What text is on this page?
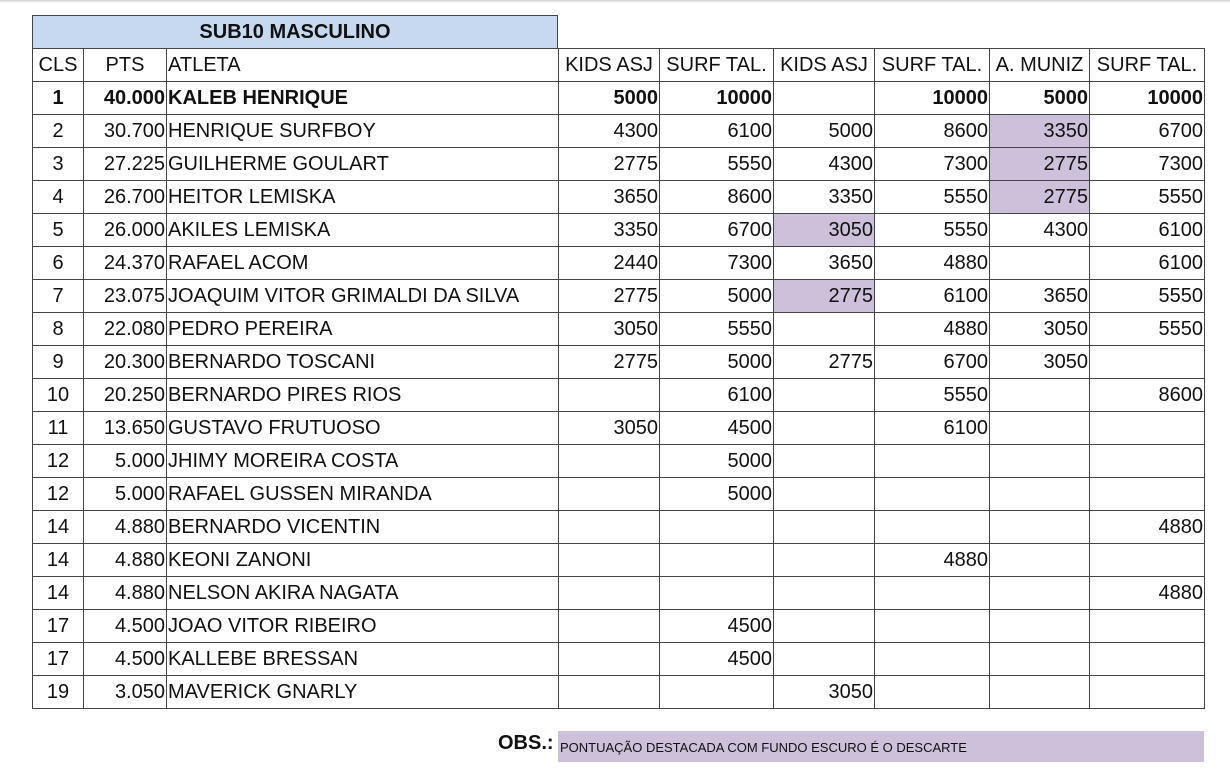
SUB10 MASCULINO
CLS	PTS	ATLETA	KIDS ASJ	SURF TAL.	KIDS ASJ	SURF TAL.	A. MUNIZ	SURF TAL.
1	40.000	KALEB HENRIQUE	5000	10000		10000	5000	10000
2	30.700	HENRIQUE SURFBOY	4300	6100	5000	8600	3350	6700
3	27.225	GUILHERME GOULART	2775	5550	4300	7300	2775	7300
4	26.700	HEITOR LEMISKA	3650	8600	3350	5550	2775	5550
5	26.000	AKILES LEMISKA	3350	6700	3050	5550	4300	6100
6	24.370	RAFAEL ACOM	2440	7300	3650	4880		6100
7	23.075	JOAQUIM VITOR GRIMALDI DA SILVA	2775	5000	2775	6100	3650	5550
8	22.080	PEDRO PEREIRA	3050	5550		4880	3050	5550
9	20.300	BERNARDO TOSCANI	2775	5000	2775	6700	3050	
10	20.250	BERNARDO PIRES RIOS		6100		5550		8600
11	13.650	GUSTAVO FRUTUOSO	3050	4500		6100		
12	5.000	JHIMY MOREIRA COSTA		5000				
12	5.000	RAFAEL GUSSEN MIRANDA		5000				
14	4.880	BERNARDO VICENTIN						4880
14	4.880	KEONI ZANONI				4880		
14	4.880	NELSON AKIRA NAGATA						4880
17	4.500	JOAO VITOR RIBEIRO		4500				
17	4.500	KALLEBE BRESSAN		4500				
19	3.050	MAVERICK GNARLY			3050			
OBS.: PONTUAÇÃO DESTACADA COM FUNDO ESCURO É O DESCARTE
